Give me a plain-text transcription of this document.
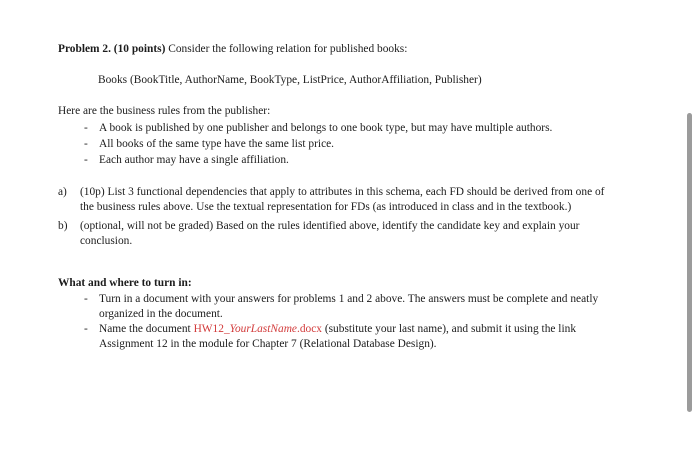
Problem 2. (10 points) Consider the following relation for published books:
Books (BookTitle, AuthorName, BookType, ListPrice, AuthorAffiliation, Publisher)
Here are the business rules from the publisher:
- A book is published by one publisher and belongs to one book type, but may have multiple authors.
- All books of the same type have the same list price.
- Each author may have a single affiliation.
a) (10p) List 3 functional dependencies that apply to attributes in this schema, each FD should be derived from one of
the business rules above. Use the textual representation for FDs (as introduced in class and in the textbook.)
b) (optional, will not be graded) Based on the rules identified above, identify the candidate key and explain your
conclusion.
What and where to turn in:
- Turn in a document with your answers for problems 1 and 2 above. The answers must be complete and neatly
organized in the document.
- Name the document HW12_YourLastName.docx (substitute your last name), and submit it using the link
Assignment 12 in the module for Chapter 7 (Relational Database Design).
